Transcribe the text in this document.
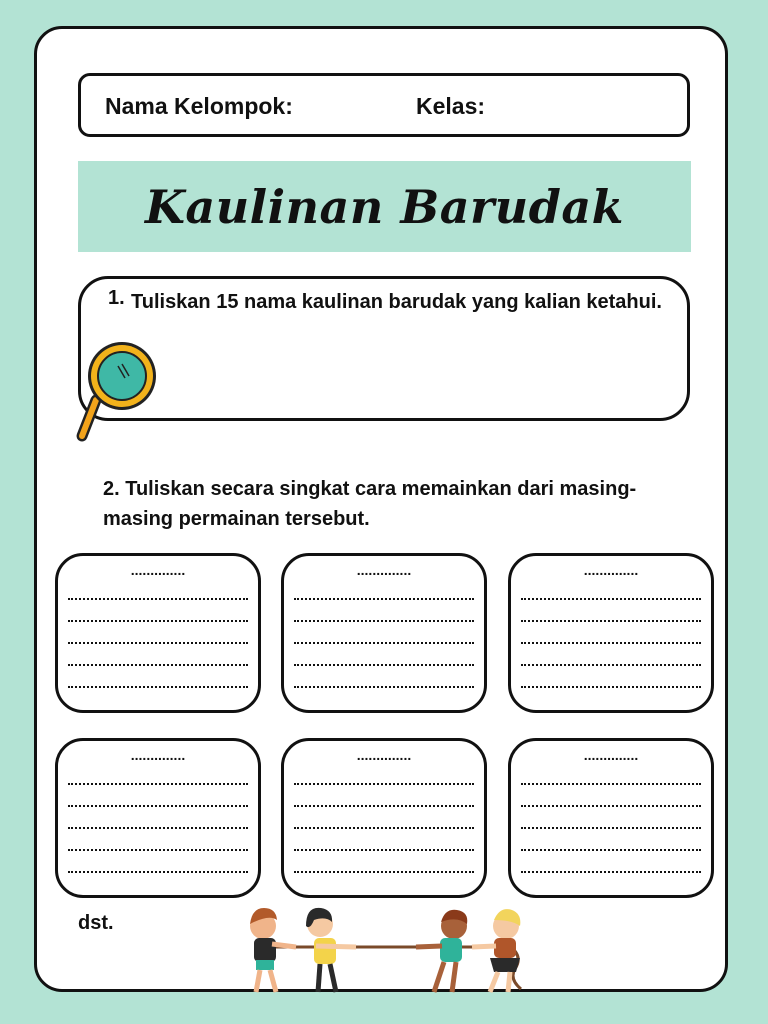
Nama Kelompok:	Kelas:
Kaulinan Barudak
1. Tuliskan 15 nama kaulinan barudak yang kalian ketahui.
2. Tuliskan secara singkat cara memainkan dari masing-masing permainan tersebut.
..............	..............	..............
..............	..............	..............
dst.
